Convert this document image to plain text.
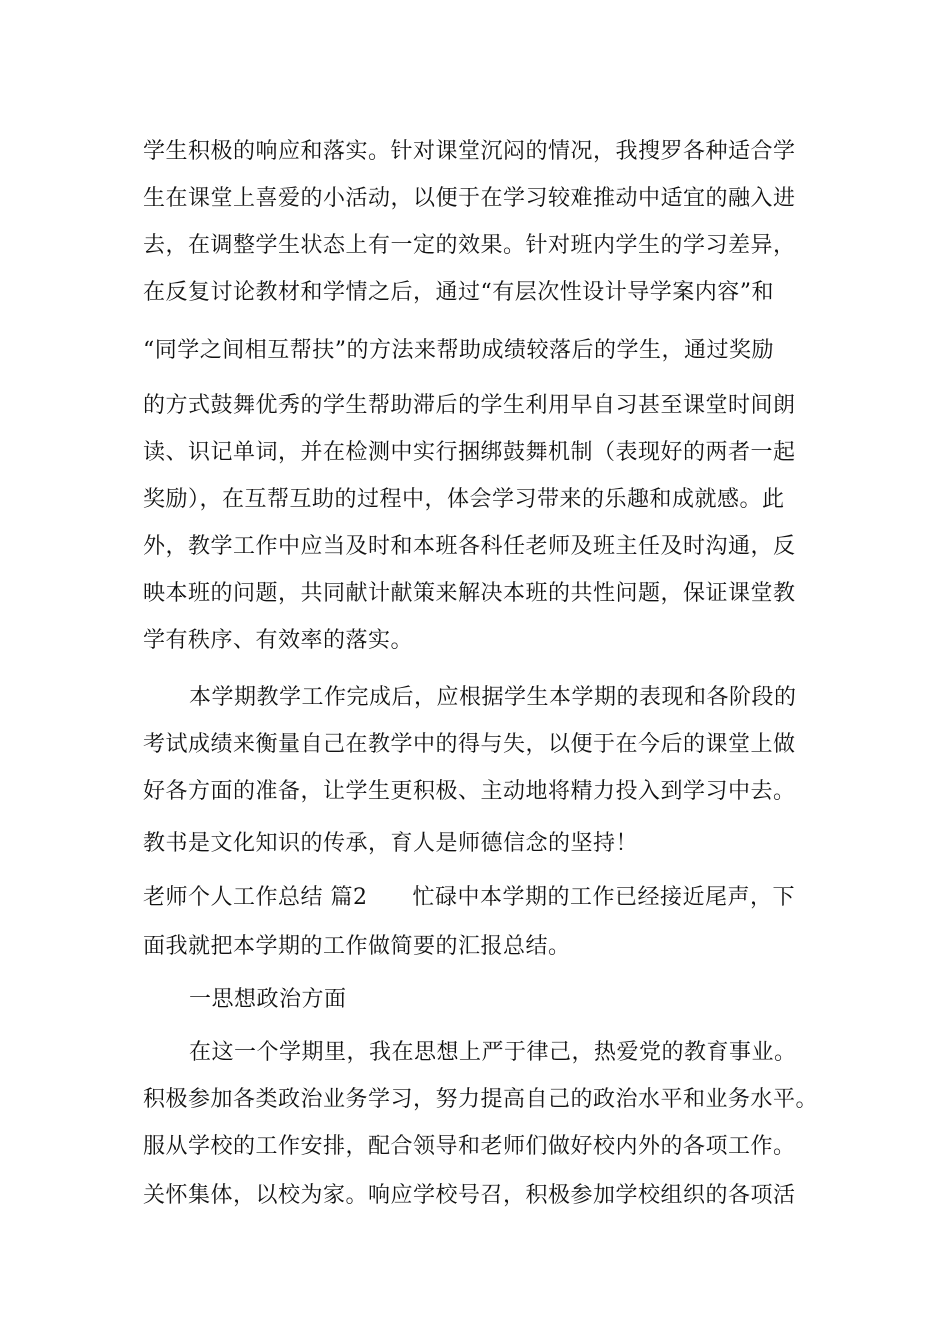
学生积极的响应和落实。针对课堂沉闷的情况，我搜罗各种适合学
生在课堂上喜爱的小活动，以便于在学习较难推动中适宜的融入进
去，在调整学生状态上有一定的效果。针对班内学生的学习差异，
在反复讨论教材和学情之后，通过“有层次性设计导学案内容”和
“同学之间相互帮扶”的方法来帮助成绩较落后的学生，通过奖励
的方式鼓舞优秀的学生帮助滞后的学生利用早自习甚至课堂时间朗
读、识记单词，并在检测中实行捆绑鼓舞机制（表现好的两者一起
奖励），在互帮互助的过程中，体会学习带来的乐趣和成就感。此
外，教学工作中应当及时和本班各科任老师及班主任及时沟通，反
映本班的问题，共同献计献策来解决本班的共性问题，保证课堂教
学有秩序、有效率的落实。
本学期教学工作完成后，应根据学生本学期的表现和各阶段的
考试成绩来衡量自己在教学中的得与失，以便于在今后的课堂上做
好各方面的准备，让学生更积极、主动地将精力投入到学习中去。
教书是文化知识的传承，育人是师德信念的坚持！
老师个人工作总结 篇2　　忙碌中本学期的工作已经接近尾声，下
面我就把本学期的工作做简要的汇报总结。
一思想政治方面
在这一个学期里，我在思想上严于律己，热爱党的教育事业。
积极参加各类政治业务学习，努力提高自己的政治水平和业务水平。
服从学校的工作安排，配合领导和老师们做好校内外的各项工作。
关怀集体，以校为家。响应学校号召，积极参加学校组织的各项活
